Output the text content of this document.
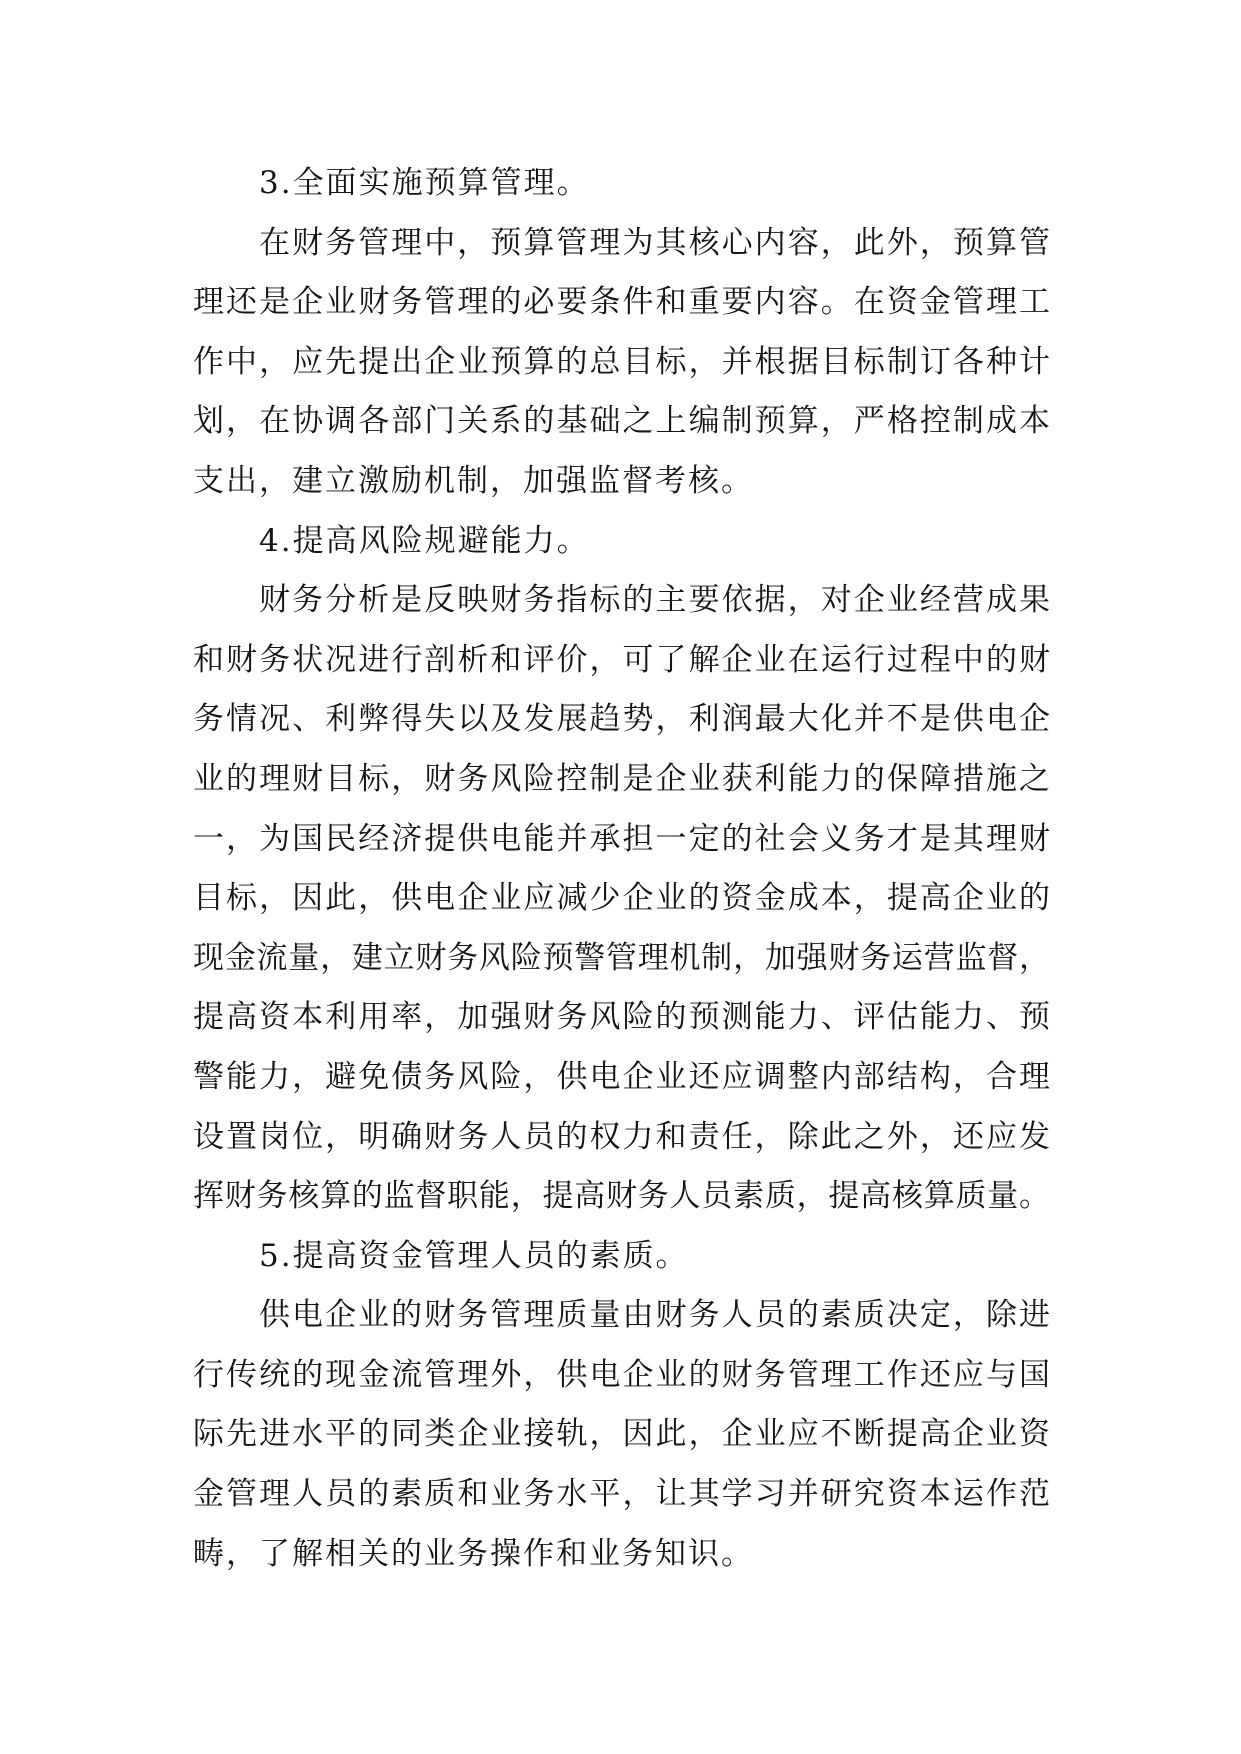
3.全面实施预算管理。
在财务管理中，预算管理为其核心内容，此外，预算管
理还是企业财务管理的必要条件和重要内容。在资金管理工
作中，应先提出企业预算的总目标，并根据目标制订各种计
划，在协调各部门关系的基础之上编制预算，严格控制成本
支出，建立激励机制，加强监督考核。
4.提高风险规避能力。
财务分析是反映财务指标的主要依据，对企业经营成果
和财务状况进行剖析和评价，可了解企业在运行过程中的财
务情况、利弊得失以及发展趋势，利润最大化并不是供电企
业的理财目标，财务风险控制是企业获利能力的保障措施之
一，为国民经济提供电能并承担一定的社会义务才是其理财
目标，因此，供电企业应减少企业的资金成本，提高企业的
现金流量，建立财务风险预警管理机制，加强财务运营监督，
提高资本利用率，加强财务风险的预测能力、评估能力、预
警能力，避免债务风险，供电企业还应调整内部结构，合理
设置岗位，明确财务人员的权力和责任，除此之外，还应发
挥财务核算的监督职能，提高财务人员素质，提高核算质量。
5.提高资金管理人员的素质。
供电企业的财务管理质量由财务人员的素质决定，除进
行传统的现金流管理外，供电企业的财务管理工作还应与国
际先进水平的同类企业接轨，因此，企业应不断提高企业资
金管理人员的素质和业务水平，让其学习并研究资本运作范
畴，了解相关的业务操作和业务知识。
